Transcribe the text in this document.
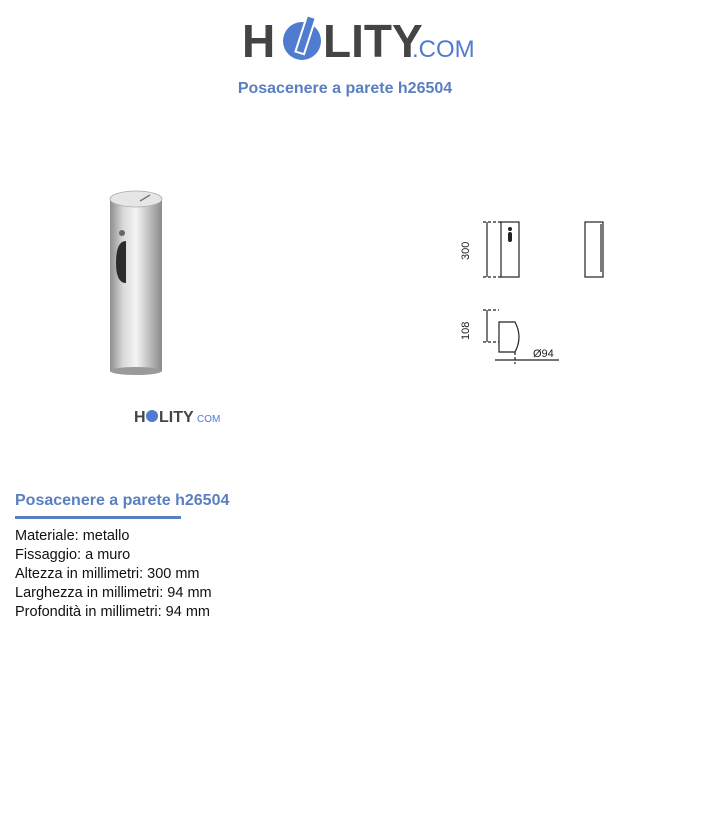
H LITY
.COM
Posacenere a parete h26504
H LITY COM
300
108
Ø94
Posacenere a parete h26504
Materiale: metallo
Fissaggio: a muro
Altezza in millimetri: 300 mm
Larghezza in millimetri: 94 mm
Profondità in millimetri: 94 mm
